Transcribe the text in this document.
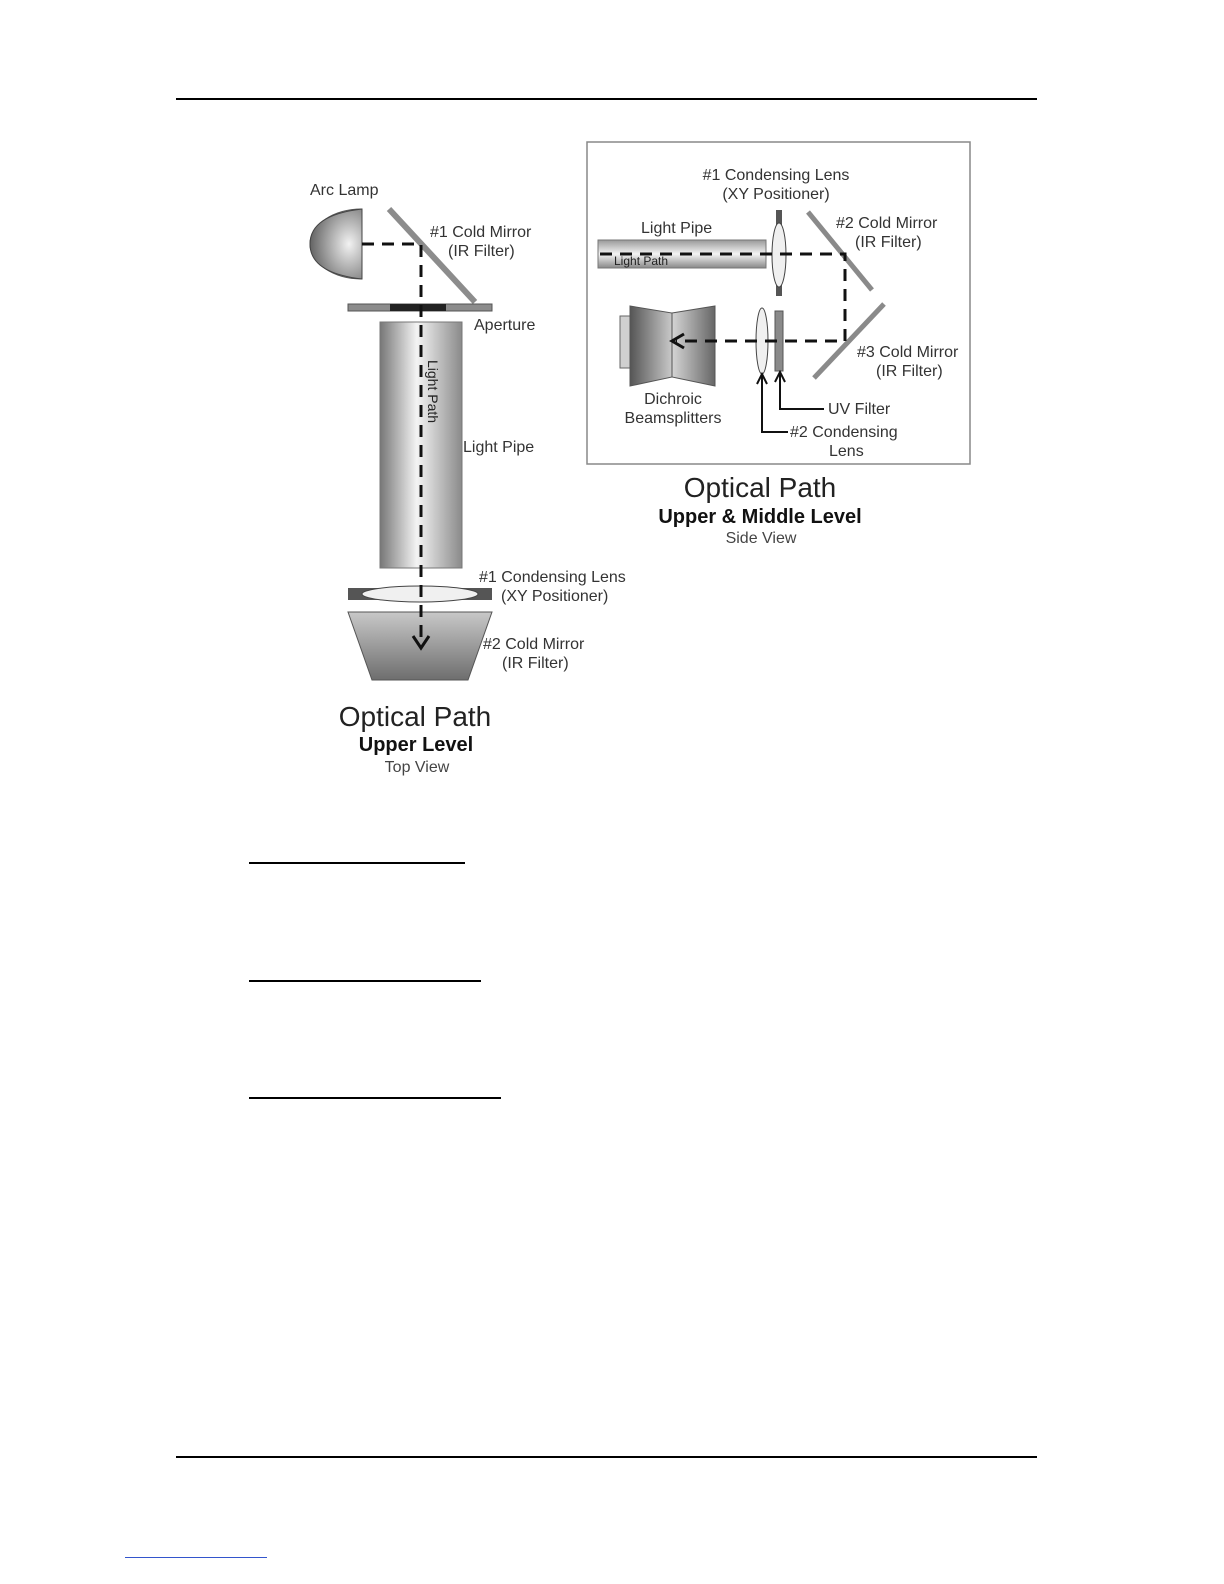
Arc Lamp
#1 Cold Mirror
(IR Filter)
Aperture
Light Path
Light Pipe
#1 Condensing Lens
(XY Positioner)
#2 Cold Mirror
(IR Filter)
Optical Path
Upper Level
Top View
#1 Condensing Lens
(XY Positioner)
Light Pipe
Light Path
#2 Cold Mirror
(IR Filter)
#3 Cold Mirror
(IR Filter)
Dichroic
Beamsplitters
UV Filter
#2 Condensing
Lens
Optical Path
Upper & Middle Level
Side View
